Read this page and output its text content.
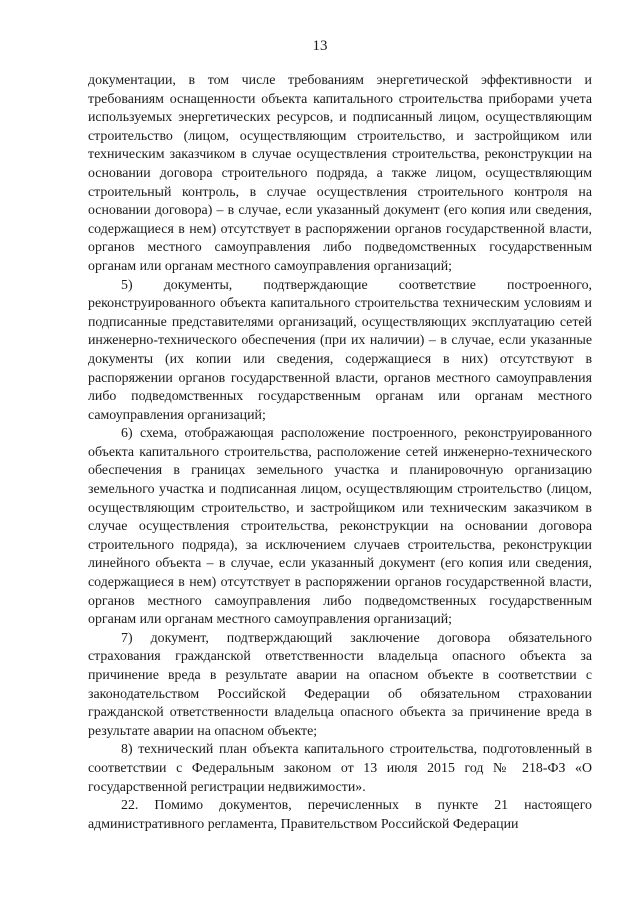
13

документации, в том числе требованиям энергетической эффективности и требованиям оснащенности объекта капитального строительства приборами учета используемых энергетических ресурсов, и подписанный лицом, осуществляющим строительство (лицом, осуществляющим строительство, и застройщиком или техническим заказчиком в случае осуществления строительства, реконструкции на основании договора строительного подряда, а также лицом, осуществляющим строительный контроль, в случае осуществления строительного контроля на основании договора) – в случае, если указанный документ (его копия или сведения, содержащиеся в нем) отсутствует в распоряжении органов государственной власти, органов местного самоуправления либо подведомственных государственным органам или органам местного самоуправления организаций;

5) документы, подтверждающие соответствие построенного, реконструированного объекта капитального строительства техническим условиям и подписанные представителями организаций, осуществляющих эксплуатацию сетей инженерно-технического обеспечения (при их наличии) – в случае, если указанные документы (их копии или сведения, содержащиеся в них) отсутствуют в распоряжении органов государственной власти, органов местного самоуправления либо подведомственных государственным органам или органам местного самоуправления организаций;

6) схема, отображающая расположение построенного, реконструированного объекта капитального строительства, расположение сетей инженерно-технического обеспечения в границах земельного участка и планировочную организацию земельного участка и подписанная лицом, осуществляющим строительство (лицом, осуществляющим строительство, и застройщиком или техническим заказчиком в случае осуществления строительства, реконструкции на основании договора строительного подряда), за исключением случаев строительства, реконструкции линейного объекта – в случае, если указанный документ (его копия или сведения, содержащиеся в нем) отсутствует в распоряжении органов государственной власти, органов местного самоуправления либо подведомственных государственным органам или органам местного самоуправления организаций;

7) документ, подтверждающий заключение договора обязательного страхования гражданской ответственности владельца опасного объекта за причинение вреда в результате аварии на опасном объекте в соответствии с законодательством Российской Федерации об обязательном страховании гражданской ответственности владельца опасного объекта за причинение вреда в результате аварии на опасном объекте;

8) технический план объекта капитального строительства, подготовленный в соответствии с Федеральным законом от 13 июля 2015 год № 218-ФЗ «О государственной регистрации недвижимости».

22. Помимо документов, перечисленных в пункте 21 настоящего административного регламента, Правительством Российской Федерации
